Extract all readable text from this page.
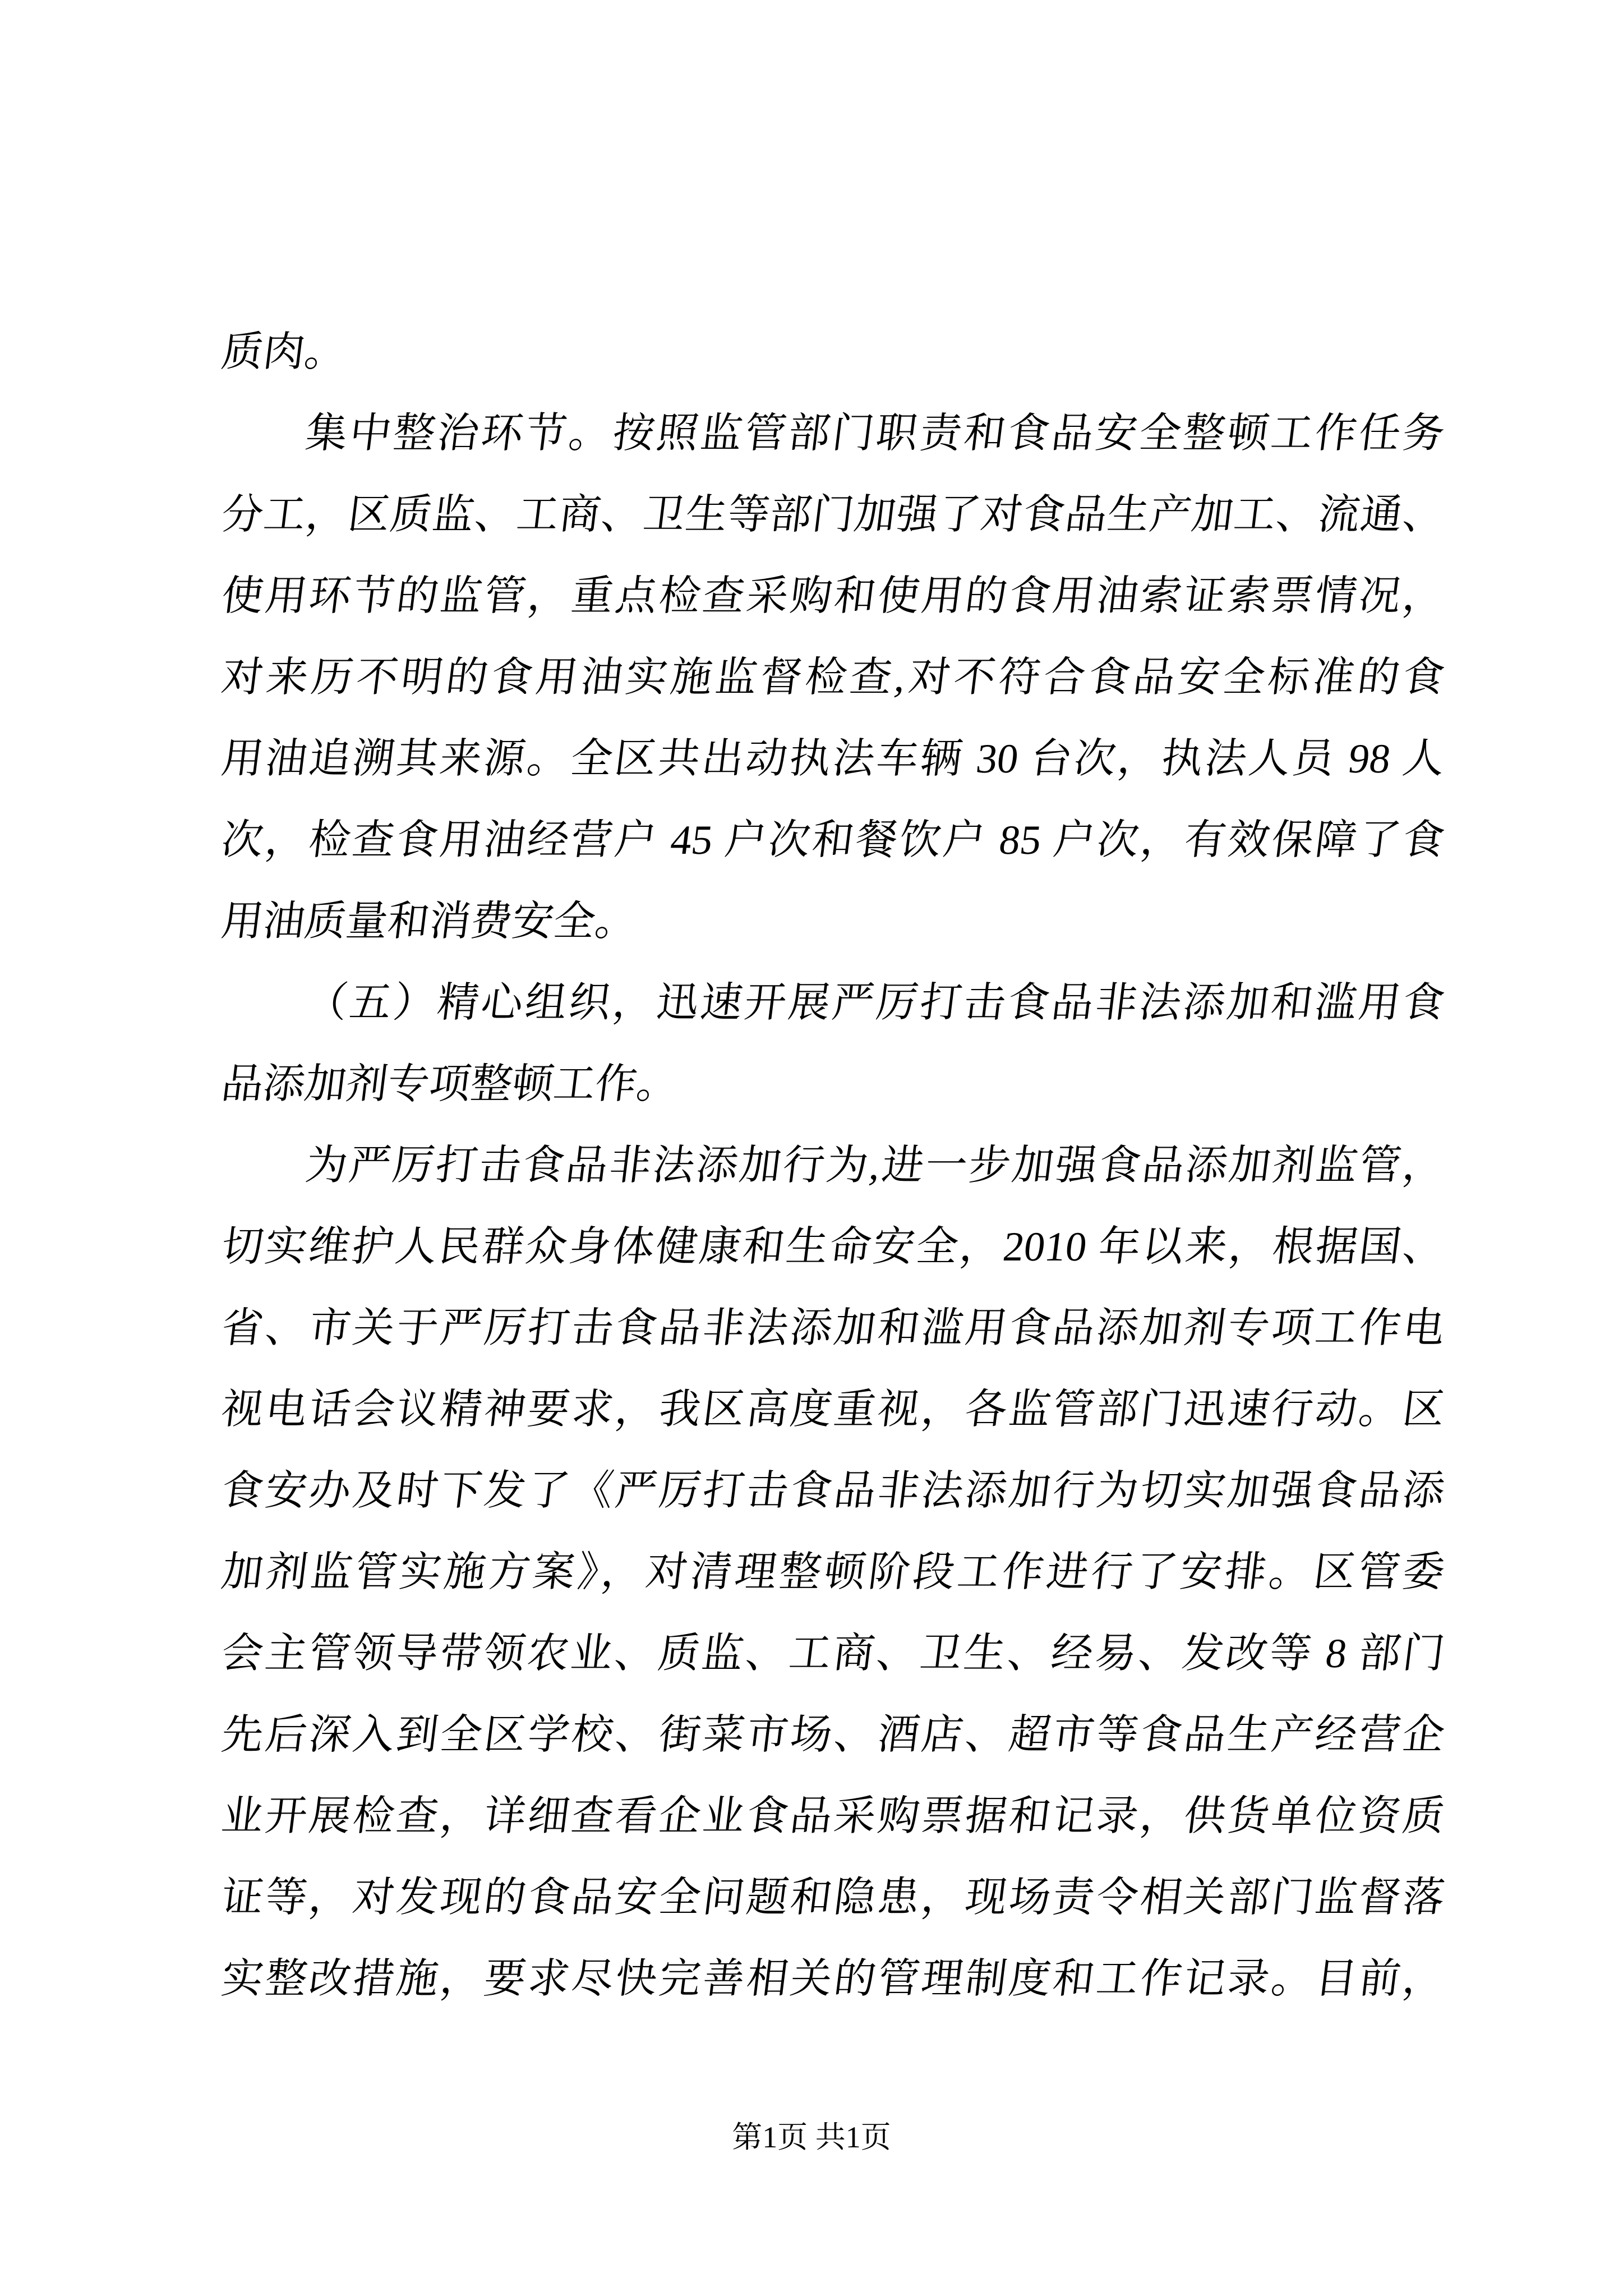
质肉。
集中整治环节。按照监管部门职责和食品安全整顿工作任务
分工，区质监、工商、卫生等部门加强了对食品生产加工、流通、
使用环节的监管，重点检查采购和使用的食用油索证索票情况，
对来历不明的食用油实施监督检查,对不符合食品安全标准的食
用油追溯其来源。全区共出动执法车辆 30 台次，执法人员 98 人
次，检查食用油经营户 45 户次和餐饮户 85 户次，有效保障了食
用油质量和消费安全。
（五）精心组织，迅速开展严厉打击食品非法添加和滥用食
品添加剂专项整顿工作。
为严厉打击食品非法添加行为,进一步加强食品添加剂监管，
切实维护人民群众身体健康和生命安全，2010 年以来，根据国、
省、市关于严厉打击食品非法添加和滥用食品添加剂专项工作电
视电话会议精神要求，我区高度重视，各监管部门迅速行动。区
食安办及时下发了《严厉打击食品非法添加行为切实加强食品添
加剂监管实施方案》，对清理整顿阶段工作进行了安排。区管委
会主管领导带领农业、质监、工商、卫生、经易、发改等 8 部门
先后深入到全区学校、街菜市场、酒店、超市等食品生产经营企
业开展检查，详细查看企业食品采购票据和记录，供货单位资质
证等，对发现的食品安全问题和隐患，现场责令相关部门监督落
实整改措施，要求尽快完善相关的管理制度和工作记录。目前，
第1页 共1页
